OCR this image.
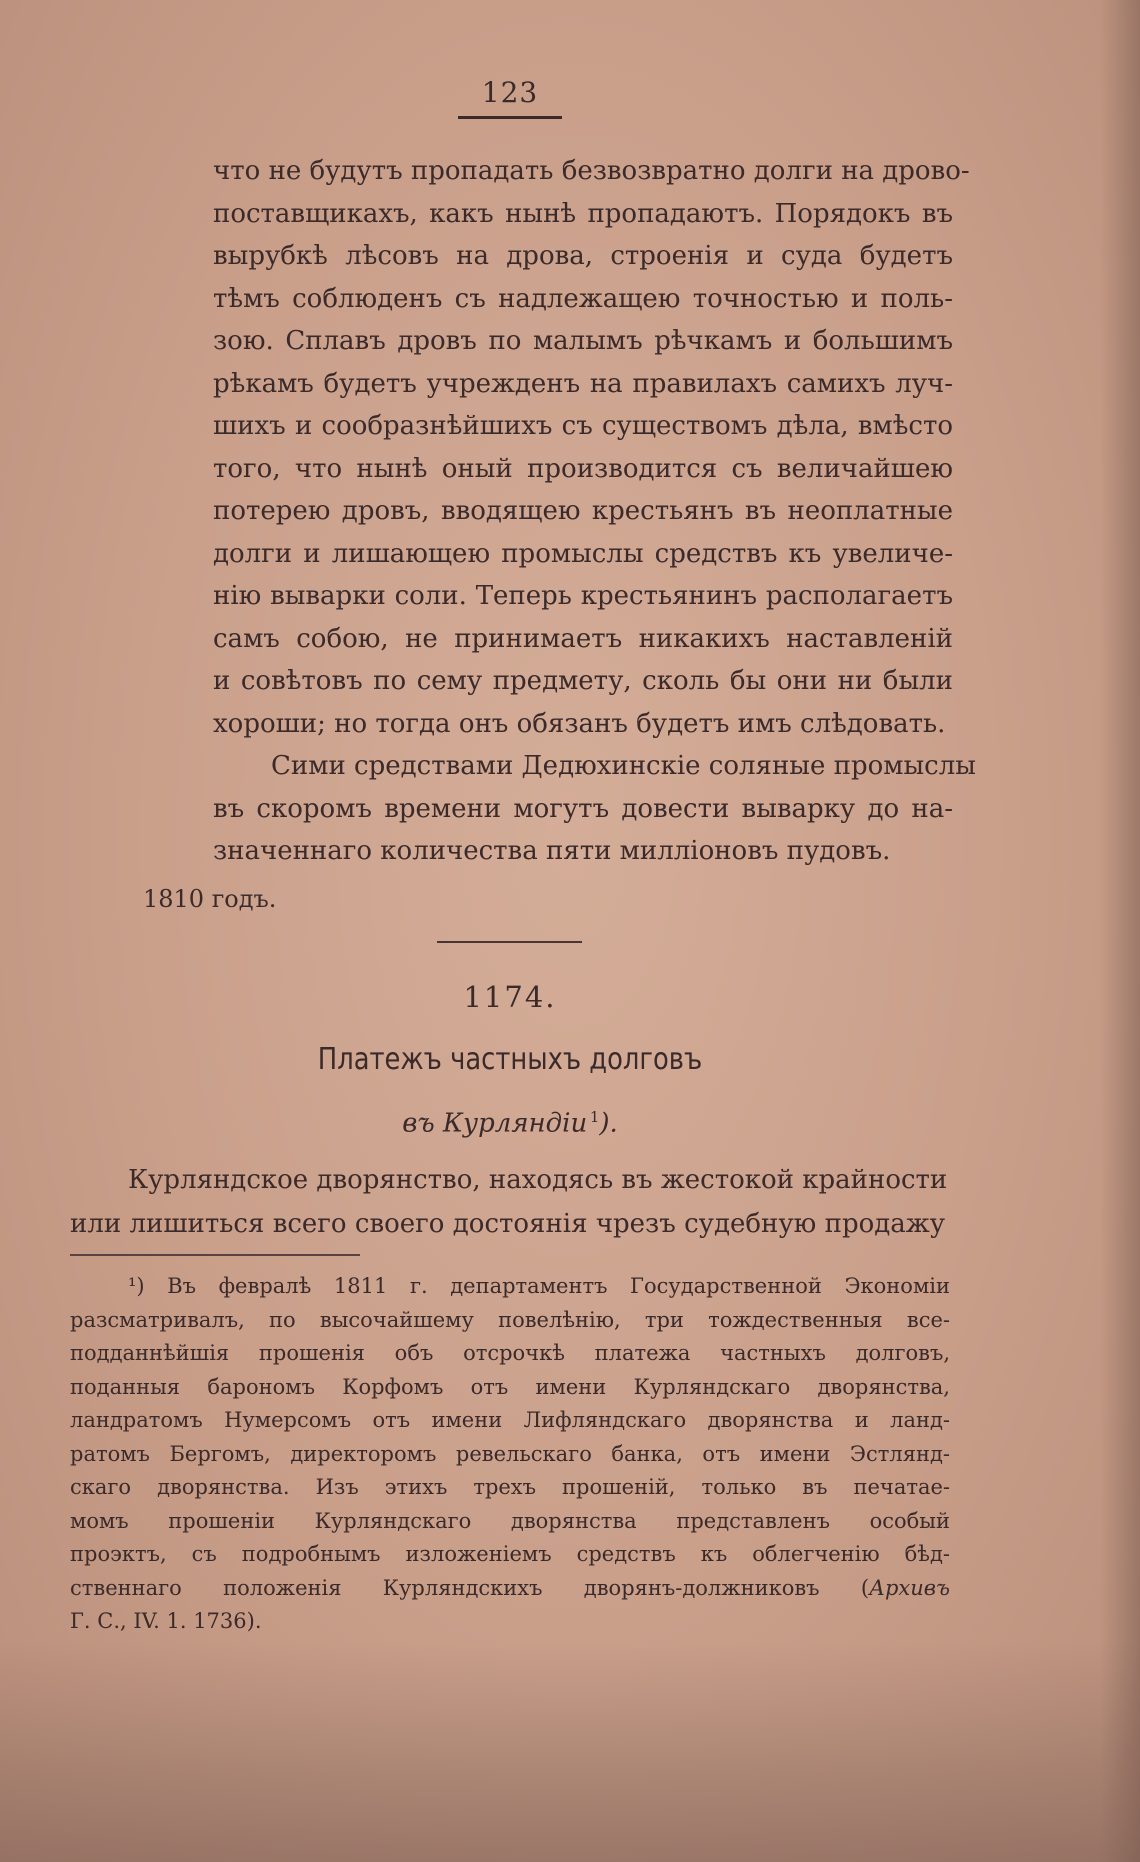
123
что не будутъ пропадать безвозвратно долги на дрово-
поставщикахъ, какъ нынѣ пропадаютъ. Порядокъ въ
вырубкѣ лѣсовъ на дрова, строенія и суда будетъ
тѣмъ соблюденъ съ надлежащею точностью и поль-
зою. Сплавъ дровъ по малымъ рѣчкамъ и большимъ
рѣкамъ будетъ учрежденъ на правилахъ самихъ луч-
шихъ и сообразнѣйшихъ съ существомъ дѣла, вмѣсто
того, что нынѣ оный производится съ величайшею
потерею дровъ, вводящею крестьянъ въ неоплатные
долги и лишающею промыслы средствъ къ увеличе-
нію выварки соли. Теперь крестьянинъ располагаетъ
самъ собою, не принимаетъ никакихъ наставленій
и совѣтовъ по сему предмету, сколь бы они ни были
хороши; но тогда онъ обязанъ будетъ имъ слѣдовать.
Сими средствами Дедюхинскіе соляные промыслы
въ скоромъ времени могутъ довести выварку до на-
значеннаго количества пяти милліоновъ пудовъ.
1810 годъ.
1174.
Платежъ частныхъ долговъ
въ Курляндіи  $^1$).
Курляндское дворянство, находясь въ жестокой крайности
или лишиться всего своего достоянія чрезъ судебную продажу
¹) Въ февралѣ 1811 г. департаментъ Государственной Экономіи
разсматривалъ, по высочайшему повелѣнію, три тождественныя все-
подданнѣйшія прошенія объ отсрочкѣ платежа частныхъ долговъ,
поданныя барономъ Корфомъ отъ имени Курляндскаго дворянства,
ландратомъ Нумерсомъ отъ имени Лифляндскаго дворянства и ланд-
ратомъ Бергомъ, директоромъ ревельскаго банка, отъ имени Эстлянд-
скаго дворянства. Изъ этихъ трехъ прошеній, только въ печатае-
момъ прошеніи Курляндскаго дворянства представленъ особый
проэктъ, съ подробнымъ изложеніемъ средствъ къ облегченію бѣд-
ственнаго положенія Курляндскихъ дворянъ-должниковъ (Архивъ
Г. С., IV. 1. 1736).
